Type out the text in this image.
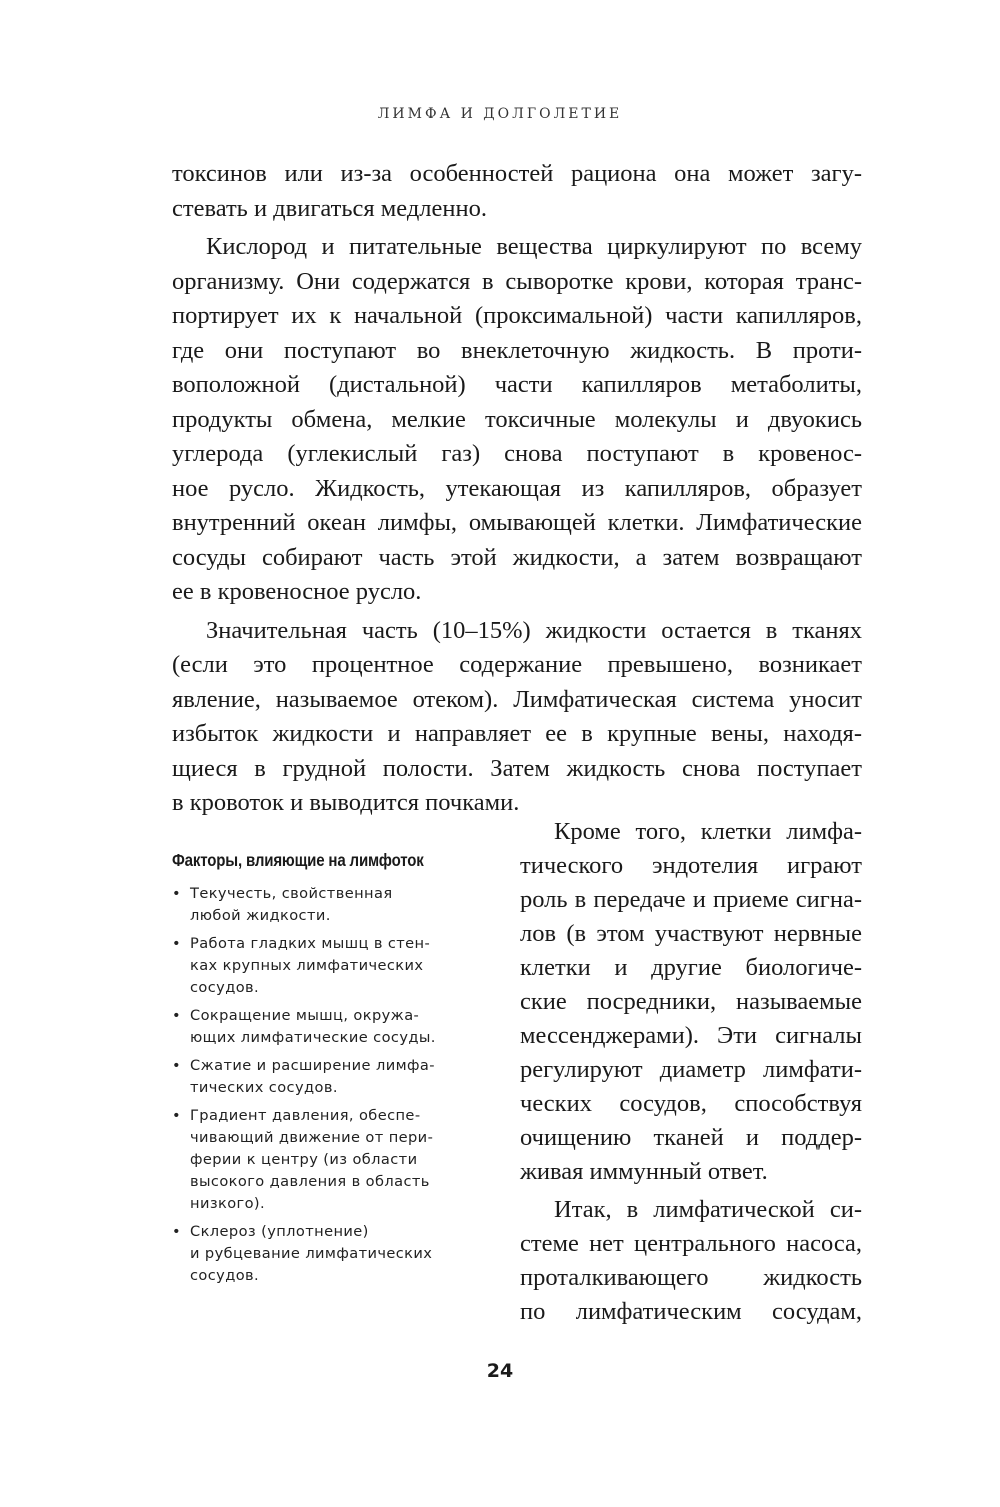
ЛИМФА И ДОЛГОЛЕТИЕ
токсинов или из-за особенностей рациона она может загу-
стевать и двигаться медленно.
Кислород и питательные вещества циркулируют по всему
организму. Они содержатся в сыворотке крови, которая транс-
портирует их к начальной (проксимальной) части капилляров,
где они поступают во внеклеточную жидкость. В проти-
воположной (дистальной) части капилляров метаболиты,
продукты обмена, мелкие токсичные молекулы и двуокись
углерода (углекислый газ) снова поступают в кровенос-
ное русло. Жидкость, утекающая из капилляров, образует
внутренний океан лимфы, омывающей клетки. Лимфатические
сосуды собирают часть этой жидкости, а затем возвращают
ее в кровеносное русло.
Значительная часть (10–15%) жидкости остается в тканях
(если это процентное содержание превышено, возникает
явление, называемое отеком). Лимфатическая система уносит
избыток жидкости и направляет ее в крупные вены, находя-
щиеся в грудной полости. Затем жидкость снова поступает
в кровоток и выводится почками.
Факторы, влияющие на лимфоток
• Текучесть, свойственная
любой жидкости.
• Работа гладких мышц в стен-
ках крупных лимфатических
сосудов.
• Сокращение мышц, окружа-
ющих лимфатические сосуды.
• Сжатие и расширение лимфа-
тических сосудов.
• Градиент давления, обеспе-
чивающий движение от пери-
ферии к центру (из области
высокого давления в область
низкого).
• Склероз (уплотнение)
и рубцевание лимфатических
сосудов.
Кроме того, клетки лимфа-
тического эндотелия играют
роль в передаче и приеме сигна-
лов (в этом участвуют нервные
клетки и другие биологиче-
ские посредники, называемые
мессенджерами). Эти сигналы
регулируют диаметр лимфати-
ческих сосудов, способствуя
очищению тканей и поддер-
живая иммунный ответ.
Итак, в лимфатической си-
стеме нет центрального насоса,
проталкивающего жидкость
по лимфатическим сосудам,
24
